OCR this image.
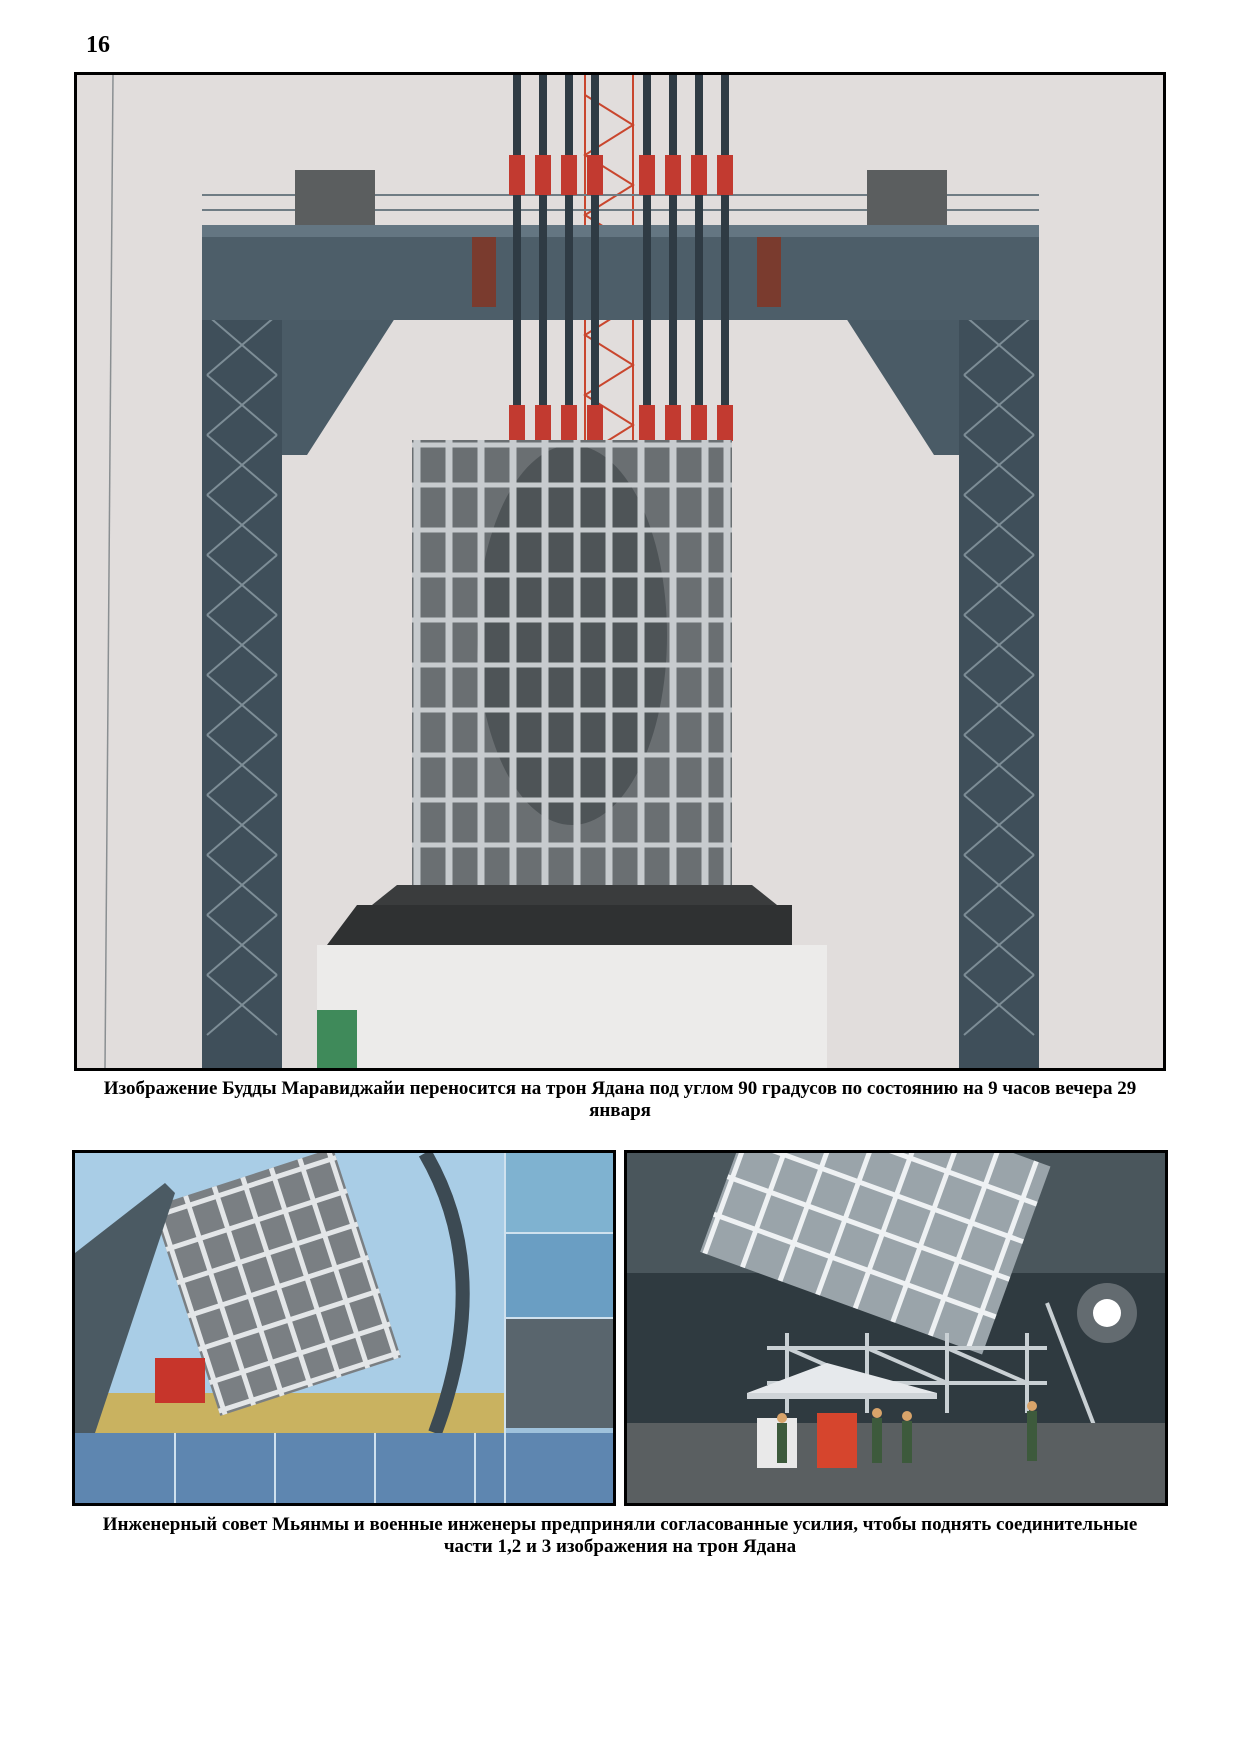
16
Изображение Будды Маравиджайи переносится на трон Ядана под углом 90 градусов по состоянию на 9 часов вечера 29 января
Инженерный совет Мьянмы и военные инженеры предприняли согласованные усилия, чтобы поднять соединительные части 1,2 и 3 изображения на трон Ядана
